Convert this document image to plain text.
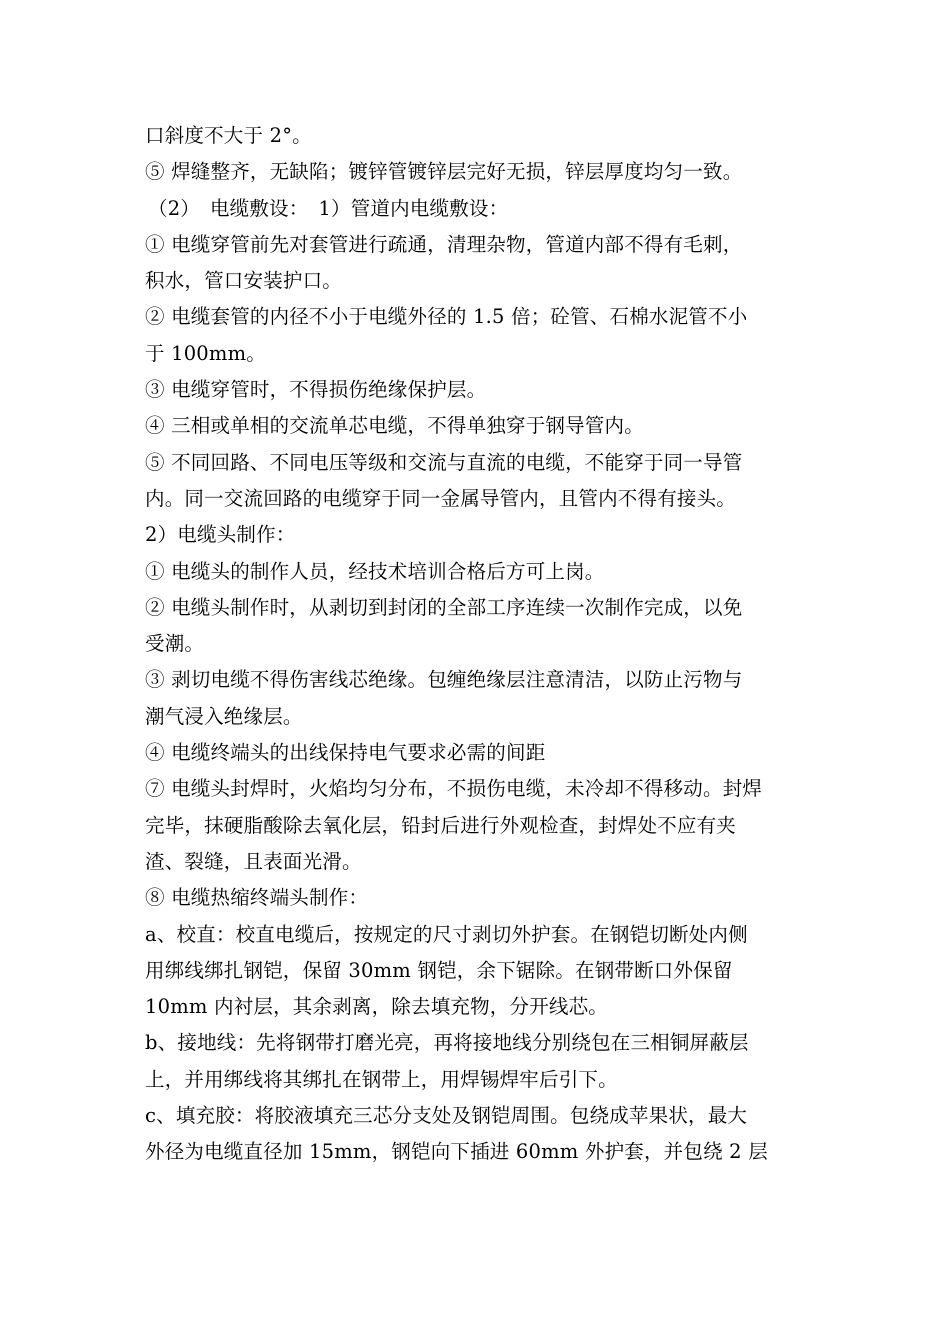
口斜度不大于 2°。
⑤ 焊缝整齐，无缺陷；镀锌管镀锌层完好无损，锌层厚度均匀一致。
（2）　电缆敷设：　1）管道内电缆敷设：
① 电缆穿管前先对套管进行疏通，清理杂物，管道内部不得有毛刺，
积水，管口安装护口。
② 电缆套管的内径不小于电缆外径的 1.5 倍；砼管、石棉水泥管不小
于 100mm。
③ 电缆穿管时，不得损伤绝缘保护层。
④ 三相或单相的交流单芯电缆，不得单独穿于钢导管内。
⑤ 不同回路、不同电压等级和交流与直流的电缆，不能穿于同一导管
内。同一交流回路的电缆穿于同一金属导管内，且管内不得有接头。
2）电缆头制作：
① 电缆头的制作人员，经技术培训合格后方可上岗。
② 电缆头制作时，从剥切到封闭的全部工序连续一次制作完成，以免
受潮。
③ 剥切电缆不得伤害线芯绝缘。包缠绝缘层注意清洁，以防止污物与
潮气浸入绝缘层。
④ 电缆终端头的出线保持电气要求必需的间距
⑦ 电缆头封焊时，火焰均匀分布，不损伤电缆，未冷却不得移动。封焊
完毕，抹硬脂酸除去氧化层，铅封后进行外观检查，封焊处不应有夹
渣、裂缝，且表面光滑。
⑧ 电缆热缩终端头制作：
a、校直：校直电缆后，按规定的尺寸剥切外护套。在钢铠切断处内侧
用绑线绑扎钢铠，保留 30mm 钢铠，余下锯除。在钢带断口外保留
10mm 内衬层，其余剥离，除去填充物，分开线芯。
b、接地线：先将钢带打磨光亮，再将接地线分别绕包在三相铜屏蔽层
上，并用绑线将其绑扎在钢带上，用焊锡焊牢后引下。
c、填充胶：将胶液填充三芯分支处及钢铠周围。包绕成苹果状，最大
外径为电缆直径加 15mm，钢铠向下插进 60mm 外护套，并包绕 2 层
